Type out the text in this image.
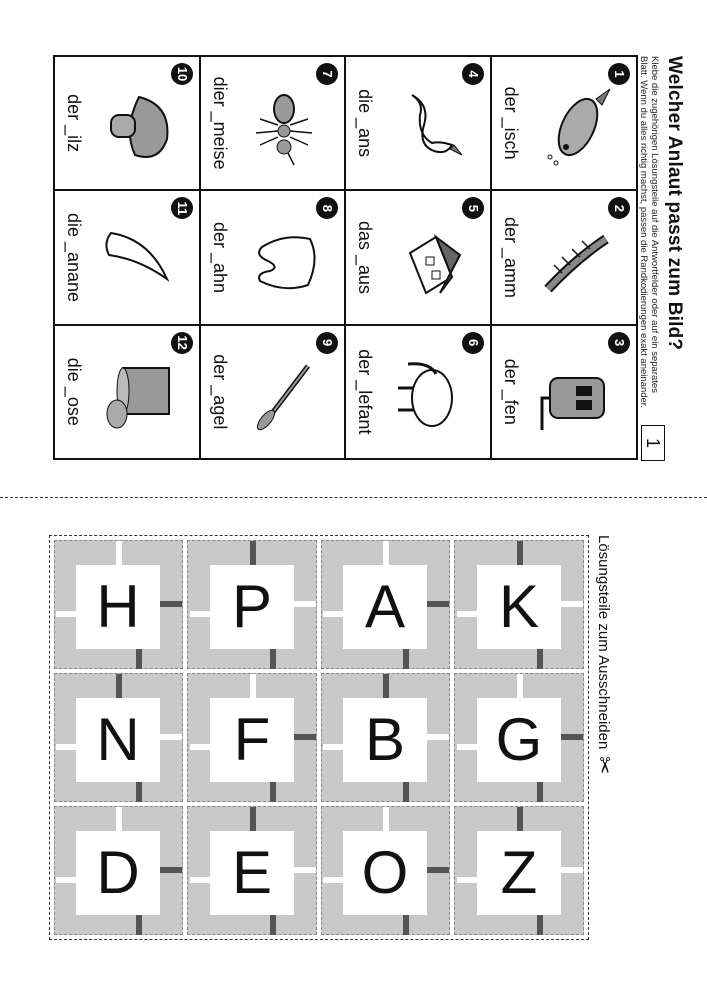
Welcher Anlaut passt zum Bild?
Klebe die zugehörigen Lösungsteile auf die Antwortfelder oder auf ein separates
Blatt. Wenn du alles richtig machst, passen die Randkodierungen exakt aneinander.
1
1
der _isch
2
der _amm
3
der _fen
4
die _ans
5
das _aus
6
der _lefant
7
dier _meise
8
der _ahn
9
der _agel
10
der _ilz
11
die _anane
12
die _ose
Lösungsteile zum Ausschneiden
✂
K
G
Z
A
B
O
P
F
E
H
N
D
